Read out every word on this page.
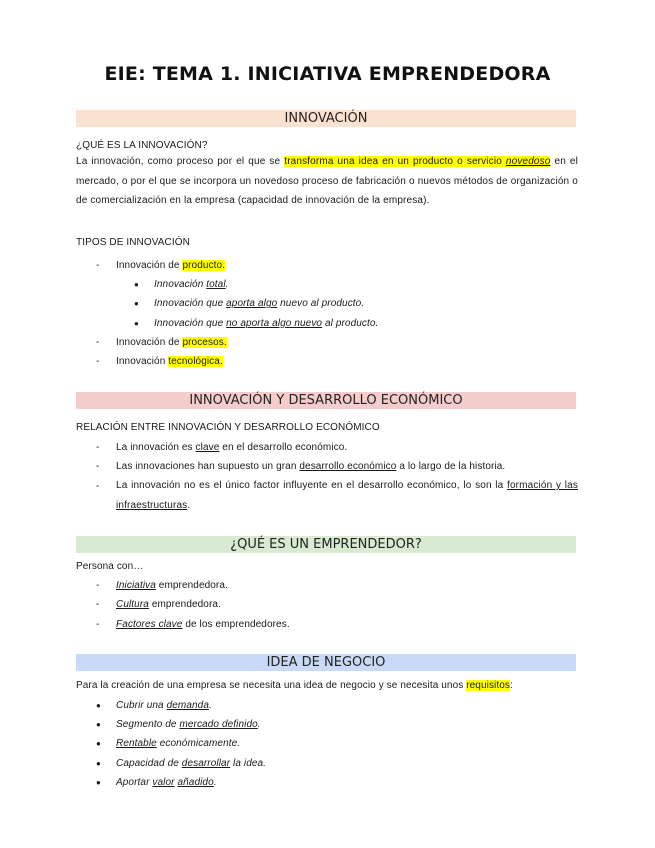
EIE: TEMA 1. INICIATIVA EMPRENDEDORA
INNOVACIÓN
¿QUÉ ES LA INNOVACIÓN?
La innovación, como proceso por el que se transforma una idea en un producto o servicio novedoso en el mercado, o por el que se incorpora un novedoso proceso de fabricación o nuevos métodos de organización o de comercialización en la empresa (capacidad de innovación de la empresa).
TIPOS DE INNOVACIÓN
- Innovación de producto.
● Innovación total.
● Innovación que aporta algo nuevo al producto.
● Innovación que no aporta algo nuevo al producto.
- Innovación de procesos.
- Innovación tecnológica.
INNOVACIÓN Y DESARROLLO ECONÓMICO
RELACIÓN ENTRE INNOVACIÓN Y DESARROLLO ECONÓMICO
- La innovación es clave en el desarrollo económico.
- Las innovaciones han supuesto un gran desarrollo económico a lo largo de la historia.
- La innovación no es el único factor influyente en el desarrollo económico, lo son la formación y las infraestructuras.
¿QUÉ ES UN EMPRENDEDOR?
Persona con…
- Iniciativa emprendedora.
- Cultura emprendedora.
- Factores clave de los emprendedores.
IDEA DE NEGOCIO
Para la creación de una empresa se necesita una idea de negocio y se necesita unos requisitos:
● Cubrir una demanda.
● Segmento de mercado definido.
● Rentable económicamente.
● Capacidad de desarrollar la idea.
● Aportar valor añadido.
